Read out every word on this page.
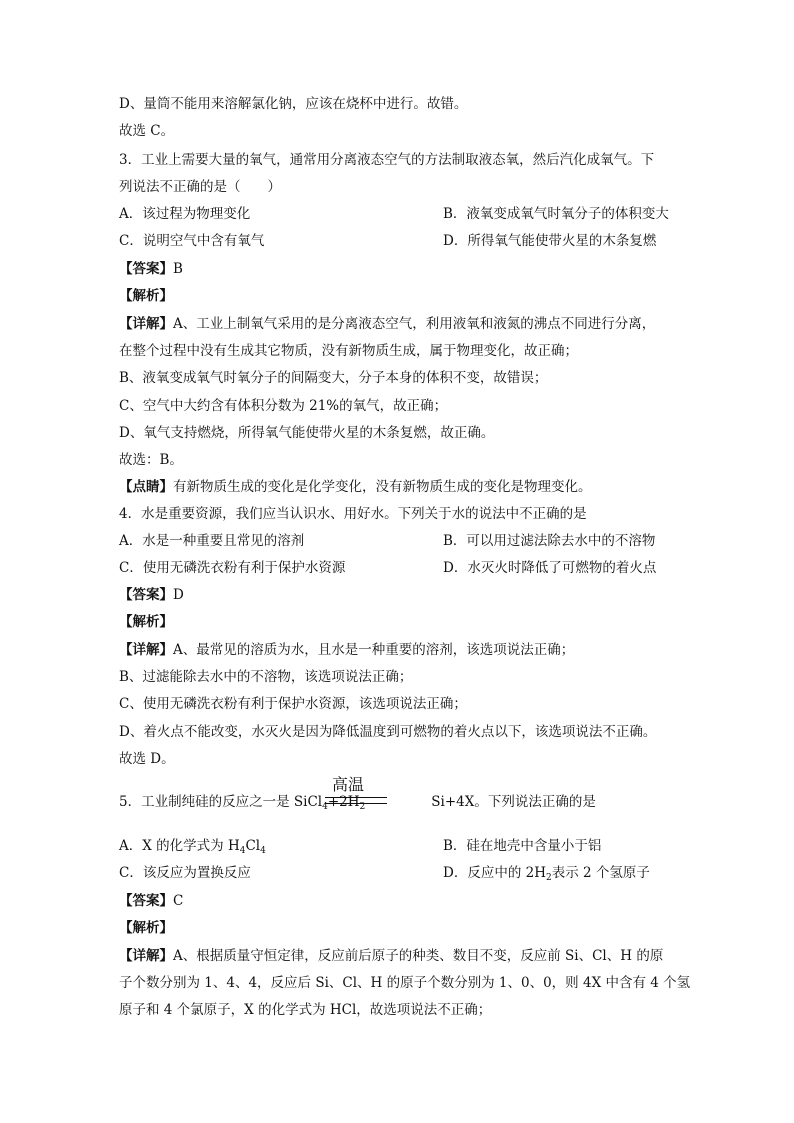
D、量筒不能用来溶解氯化钠，应该在烧杯中进行。故错。
故选 C。
3．工业上需要大量的氧气，通常用分离液态空气的方法制取液态氧，然后汽化成氧气。下
列说法不正确的是（　　）
A．该过程为物理变化	B．液氧变成氧气时氧分子的体积变大
C．说明空气中含有氧气	D．所得氧气能使带火星的木条复燃
【答案】B
【解析】
【详解】A、工业上制氧气采用的是分离液态空气，利用液氧和液氮的沸点不同进行分离，
在整个过程中没有生成其它物质，没有新物质生成，属于物理变化，故正确；
B、液氧变成氧气时氧分子的间隔变大，分子本身的体积不变，故错误；
C、空气中大约含有体积分数为 21%的氧气，故正确；
D、氧气支持燃烧，所得氧气能使带火星的木条复燃，故正确。
故选：B。
【点睛】有新物质生成的变化是化学变化，没有新物质生成的变化是物理变化。
4．水是重要资源，我们应当认识水、用好水。下列关于水的说法中不正确的是
A．水是一种重要且常见的溶剂	B．可以用过滤法除去水中的不溶物
C．使用无磷洗衣粉有利于保护水资源	D．水灭火时降低了可燃物的着火点
【答案】D
【解析】
【详解】A、最常见的溶质为水，且水是一种重要的溶剂，该选项说法正确；
B、过滤能除去水中的不溶物，该选项说法正确；
C、使用无磷洗衣粉有利于保护水资源，该选项说法正确；
D、着火点不能改变，水灭火是因为降低温度到可燃物的着火点以下，该选项说法不正确。
故选 D。
高温
5．工业制纯硅的反应之一是 $SiCl_4+2H_2$	Si+4X。下列说法正确的是
A．X 的化学式为 $H_4Cl_4$	B．硅在地壳中含量小于铝
C．该反应为置换反应	D．反应中的 $2H_2$表示 2 个氢原子
【答案】C
【解析】
【详解】A、根据质量守恒定律，反应前后原子的种类、数目不变，反应前 Si、Cl、H 的原
子个数分别为 1、4、4，反应后 Si、Cl、H 的原子个数分别为 1、0、0，则 4X 中含有 4 个氢
原子和 4 个氯原子，X 的化学式为 HCl，故选项说法不正确；
